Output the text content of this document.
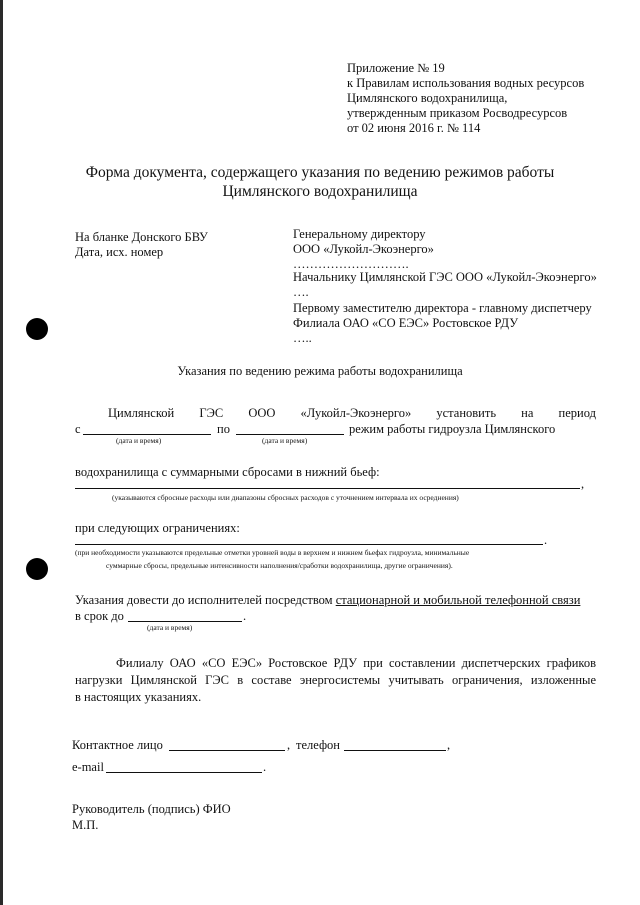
Приложение № 19
к Правилам использования водных ресурсов
Цимлянского водохранилища,
утвержденным приказом Росводресурсов
от 02 июня 2016 г. № 114
Форма документа, содержащего указания по ведению режимов работы
Цимлянского водохранилища
На бланке Донского БВУ
Дата, исх. номер
Генеральному директору
ООО «Лукойл-Экоэнерго»
……………………….
Начальнику Цимлянской ГЭС ООО «Лукойл-Экоэнерго»
….
Первому заместителю директора - главному диспетчеру
Филиала ОАО «СО ЕЭС» Ростовское РДУ
…..
Указания по ведению режима работы водохранилища
Цимлянской ГЭС ООО «Лукойл-Экоэнерго» установить на период
с	по	режим работы гидроузла Цимлянского
(дата и время)	(дата и время)
водохранилища с суммарными сбросами в нижний бьеф:
,
(указываются сбросные расходы или диапазоны сбросных расходов с уточнением интервала их осреднения)
при следующих ограничениях:
.
(при необходимости указываются предельные отметки уровней воды в верхнем и нижнем бьефах гидроузла, минимальные
суммарные сбросы, предельные интенсивности наполнения/сработки водохранилища, другие ограничения).
Указания довести до исполнителей посредством стационарной и мобильной телефонной связи
в срок до	.
(дата и время)
Филиалу ОАО «СО ЕЭС» Ростовское РДУ при составлении диспетчерских графиков
нагрузки Цимлянской ГЭС в составе энергосистемы учитывать ограничения, изложенные
в настоящих указаниях.
Контактное лицо	, телефон	,
e-mail	.
Руководитель (подпись) ФИО
М.П.
